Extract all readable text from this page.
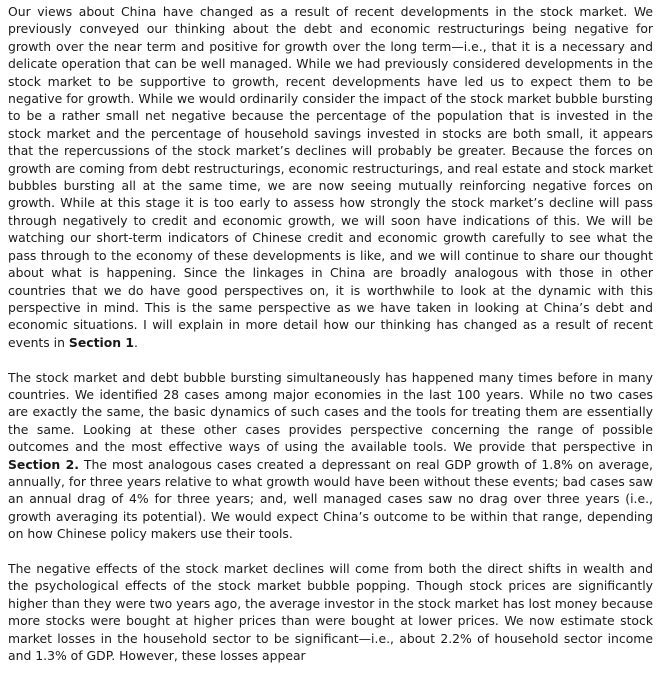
Our views about China have changed as a result of recent developments in the stock market. We previously conveyed our thinking about the debt and economic restructurings being negative for growth over the near term and positive for growth over the long term—i.e., that it is a necessary and delicate operation that can be well managed. While we had previously considered developments in the stock market to be supportive to growth, recent developments have led us to expect them to be negative for growth. While we would ordinarily consider the impact of the stock market bubble bursting to be a rather small net negative because the percentage of the population that is invested in the stock market and the percentage of household savings invested in stocks are both small, it appears that the repercussions of the stock market’s declines will probably be greater. Because the forces on growth are coming from debt restructurings, economic restructurings, and real estate and stock market bubbles bursting all at the same time, we are now seeing mutually reinforcing negative forces on growth. While at this stage it is too early to assess how strongly the stock market’s decline will pass through negatively to credit and economic growth, we will soon have indications of this. We will be watching our short-term indicators of Chinese credit and economic growth carefully to see what the pass through to the economy of these developments is like, and we will continue to share our thought about what is happening. Since the linkages in China are broadly analogous with those in other countries that we do have good perspectives on, it is worthwhile to look at the dynamic with this perspective in mind. This is the same perspective as we have taken in looking at China’s debt and economic situations. I will explain in more detail how our thinking has changed as a result of recent events in Section 1.

The stock market and debt bubble bursting simultaneously has happened many times before in many countries. We identified 28 cases among major economies in the last 100 years. While no two cases are exactly the same, the basic dynamics of such cases and the tools for treating them are essentially the same. Looking at these other cases provides perspective concerning the range of possible outcomes and the most effective ways of using the available tools. We provide that perspective in Section 2. The most analogous cases created a depressant on real GDP growth of 1.8% on average, annually, for three years relative to what growth would have been without these events; bad cases saw an annual drag of 4% for three years; and, well managed cases saw no drag over three years (i.e., growth averaging its potential). We would expect China’s outcome to be within that range, depending on how Chinese policy makers use their tools.

The negative effects of the stock market declines will come from both the direct shifts in wealth and the psychological effects of the stock market bubble popping. Though stock prices are significantly higher than they were two years ago, the average investor in the stock market has lost money because more stocks were bought at higher prices than were bought at lower prices. We now estimate stock market losses in the household sector to be significant—i.e., about 2.2% of household sector income and 1.3% of GDP. However, these losses appear
